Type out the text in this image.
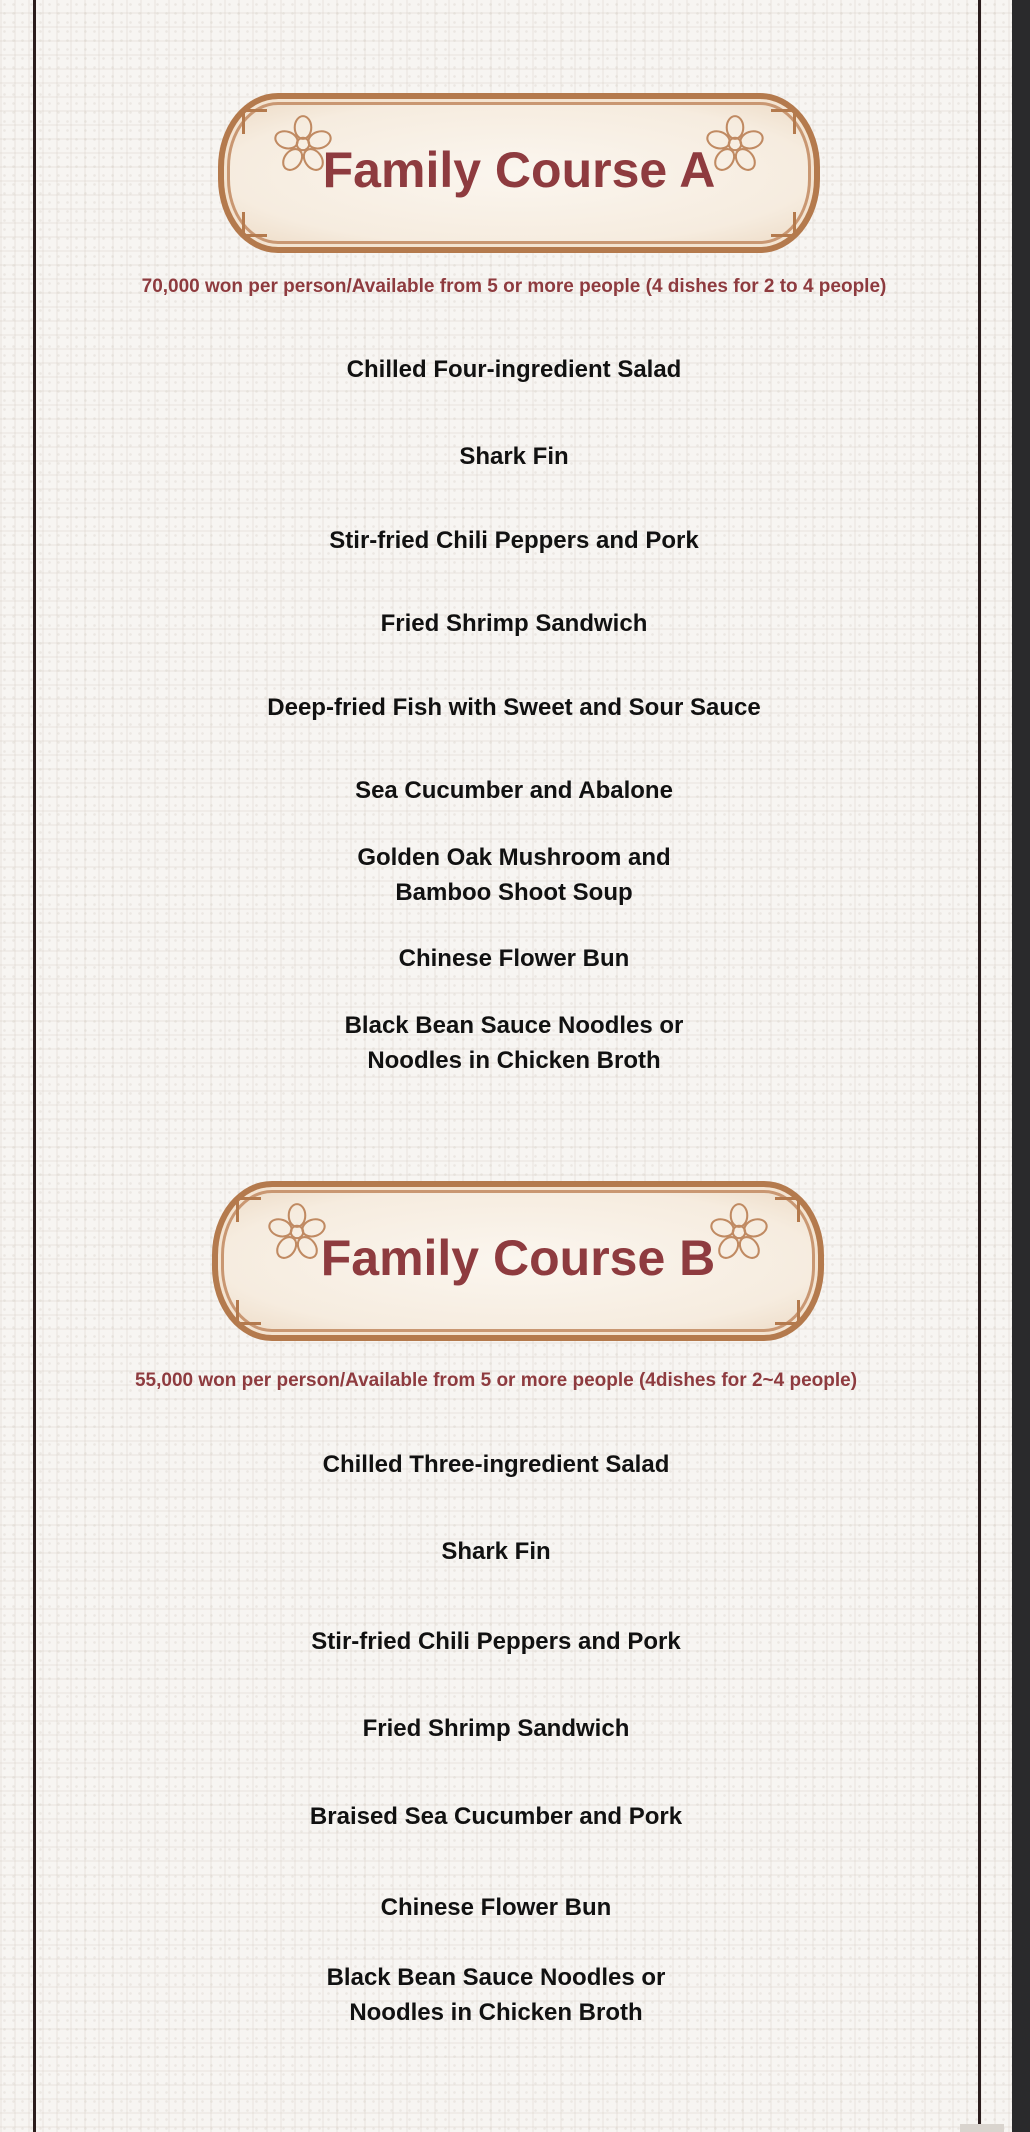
Family Course A
70,000 won per person/Available from 5 or more people (4 dishes for 2 to 4 people)
Chilled Four-ingredient Salad
Shark Fin
Stir-fried Chili Peppers and Pork
Fried Shrimp Sandwich
Deep-fried Fish with Sweet and Sour Sauce
Sea Cucumber and Abalone
Golden Oak Mushroom and
Bamboo Shoot Soup
Chinese Flower Bun
Black Bean Sauce Noodles or
Noodles in Chicken Broth
Family Course B
55,000 won per person/Available from 5 or more people (4dishes for 2~4 people)
Chilled Three-ingredient Salad
Shark Fin
Stir-fried Chili Peppers and Pork
Fried Shrimp Sandwich
Braised Sea Cucumber and Pork
Chinese Flower Bun
Black Bean Sauce Noodles or
Noodles in Chicken Broth
